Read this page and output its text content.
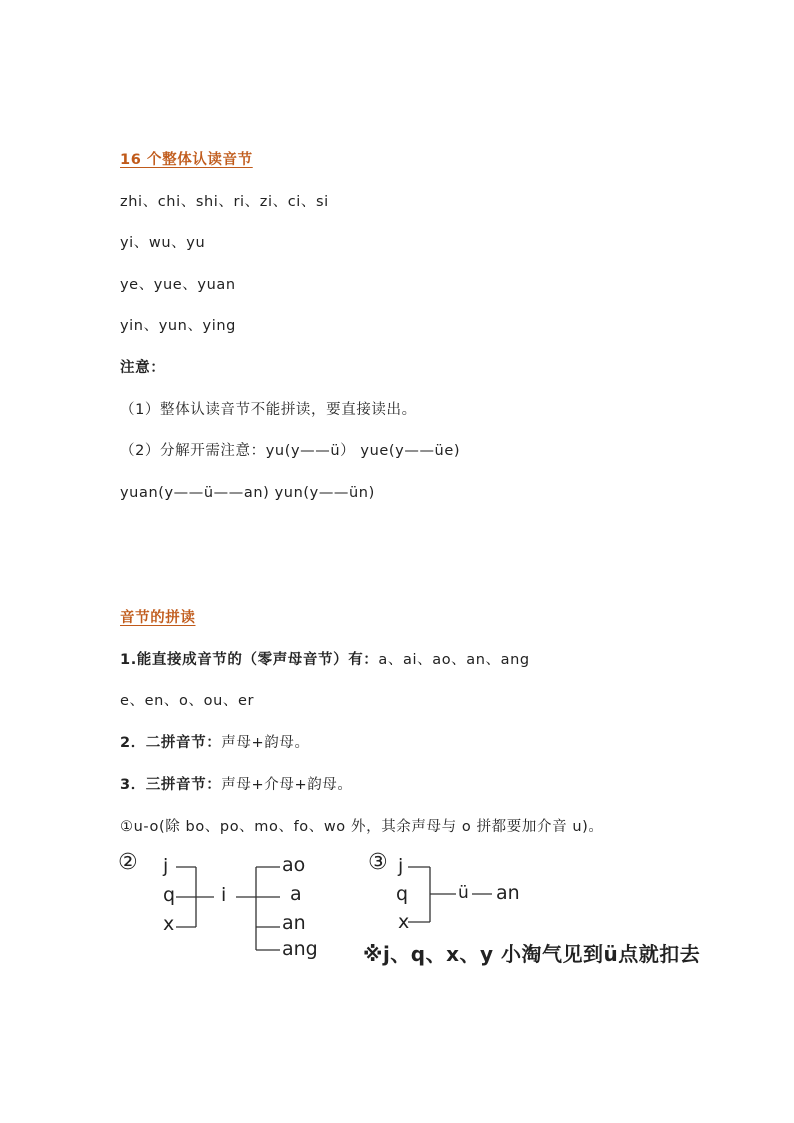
16 个整体认读音节
zhi、chi、shi、ri、zi、ci、si
yi、wu、yu
ye、yue、yuan
yin、yun、ying
注意：
（1）整体认读音节不能拼读，要直接读出。
（2）分解开需注意：yu(y——ü） yue(y——üe)
yuan(y——ü——an) yun(y——ün)
音节的拼读
1.能直接成音节的（零声母音节）有：a、ai、ao、an、ang
e、en、o、ou、er
2．二拼音节：声母+韵母。
3．三拼音节：声母+介母+韵母。
①u-o(除 bo、po、mo、fo、wo 外，其余声母与 o 拼都要加介音 u)。
② j
q
x
i
ao
a
an
ang
③ j
q
x
ü an
※j、q、x、y 小淘气见到ü点就扣去
